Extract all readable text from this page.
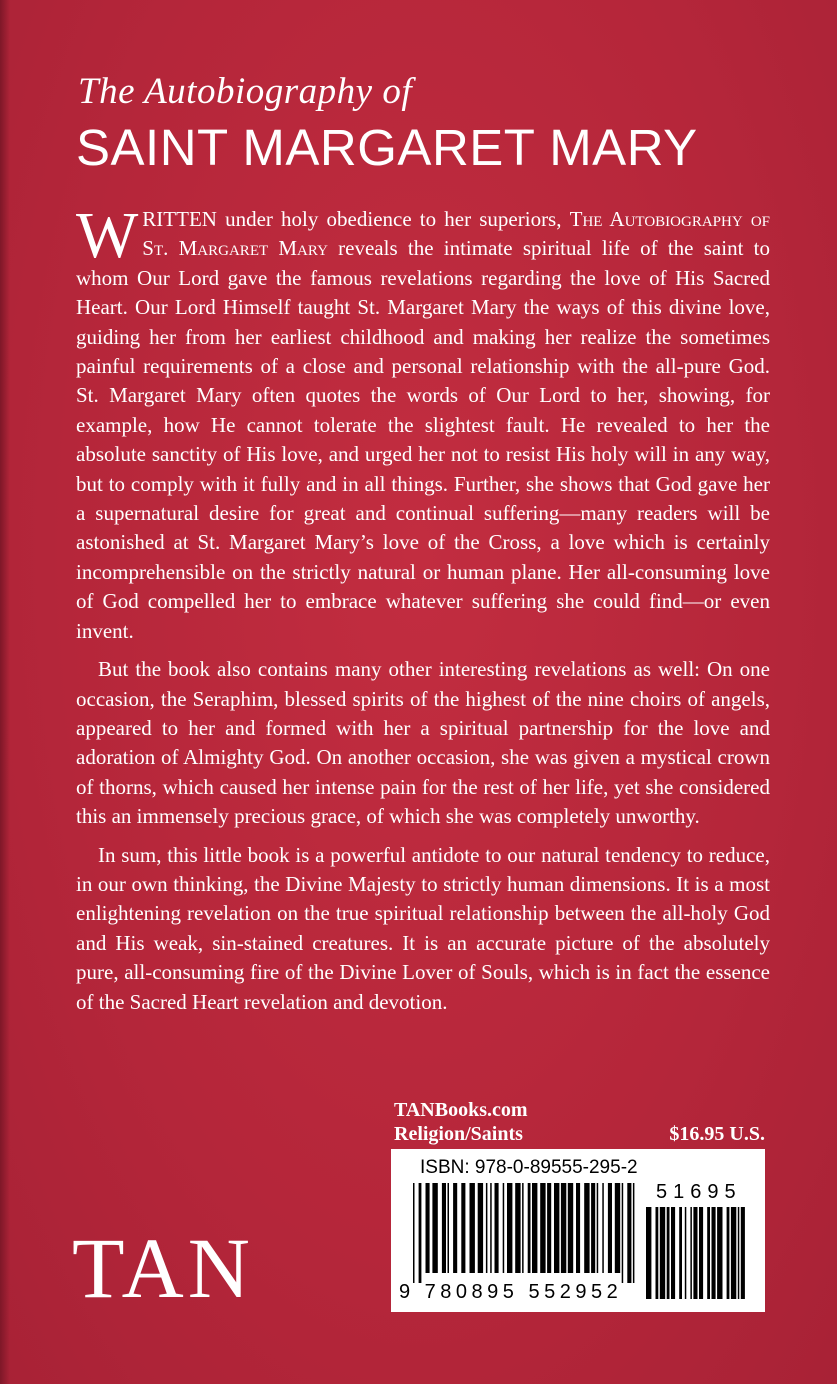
The Autobiography of
SAINT MARGARET MARY

WRITTEN under holy obedience to her superiors, The Autobiography of St. Margaret Mary reveals the intimate spiritual life of the saint to whom Our Lord gave the famous revelations regarding the love of His Sacred Heart. Our Lord Himself taught St. Margaret Mary the ways of this divine love, guiding her from her earliest childhood and making her realize the sometimes painful requirements of a close and personal relationship with the all-pure God. St. Margaret Mary often quotes the words of Our Lord to her, showing, for example, how He cannot tolerate the slightest fault. He revealed to her the absolute sanctity of His love, and urged her not to resist His holy will in any way, but to comply with it fully and in all things. Further, she shows that God gave her a supernatural desire for great and continual suffering—many readers will be astonished at St. Margaret Mary’s love of the Cross, a love which is certainly incomprehensible on the strictly natural or human plane. Her all-consuming love of God compelled her to embrace whatever suffering she could find—or even invent.

But the book also contains many other interesting revelations as well: On one occasion, the Seraphim, blessed spirits of the highest of the nine choirs of angels, appeared to her and formed with her a spiritual partnership for the love and adoration of Almighty God. On another occasion, she was given a mystical crown of thorns, which caused her intense pain for the rest of her life, yet she considered this an immensely precious grace, of which she was completely unworthy.

In sum, this little book is a powerful antidote to our natural tendency to reduce, in our own thinking, the Divine Majesty to strictly human dimensions. It is a most enlightening revelation on the true spiritual relationship between the all-holy God and His weak, sin-stained creatures. It is an accurate picture of the absolutely pure, all-consuming fire of the Divine Lover of Souls, which is in fact the essence of the Sacred Heart revelation and devotion.

TANBooks.com
Religion/Saints	$16.95 U.S.
ISBN: 978-0-89555-295-2
51695
9 780895 552952
TAN
